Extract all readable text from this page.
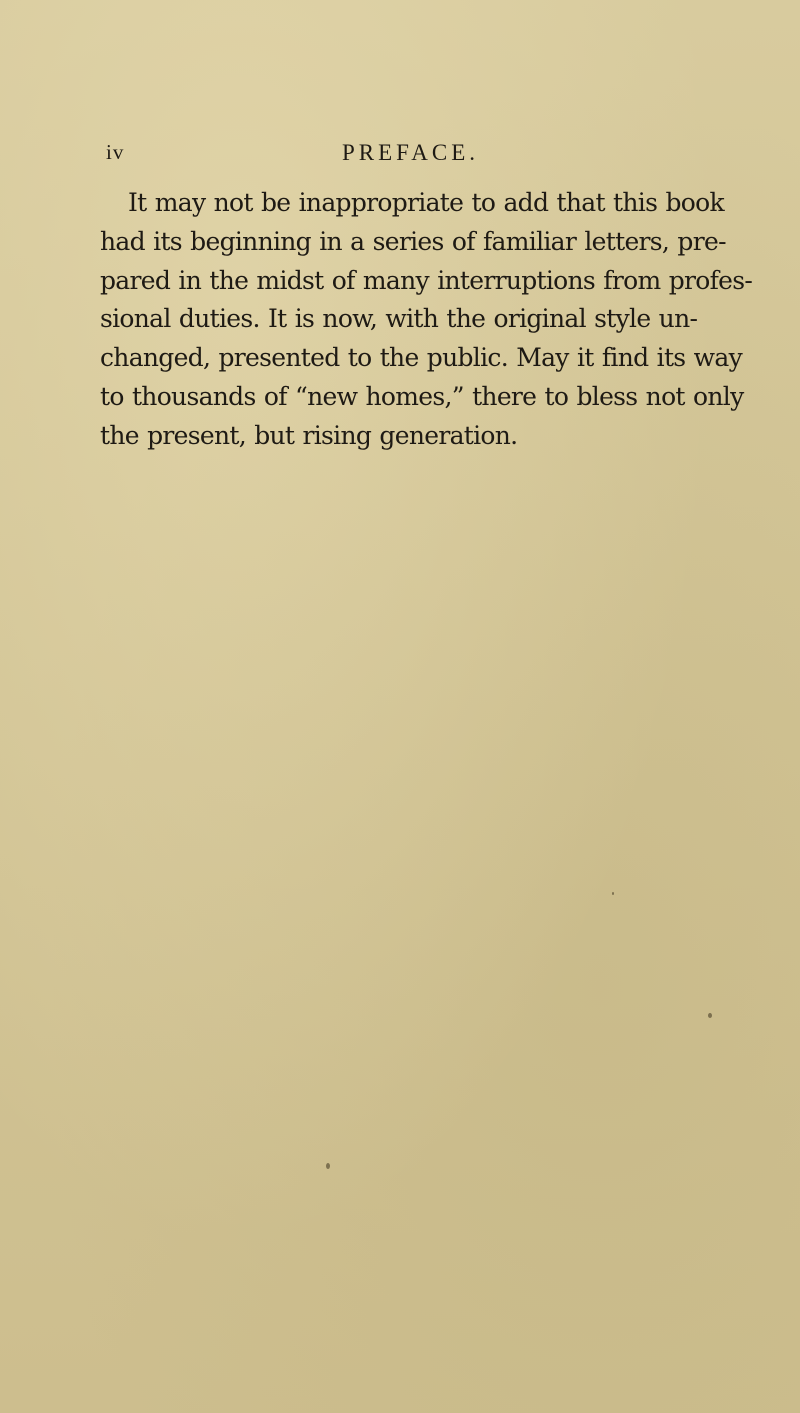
iv	PREFACE.
It may not be inappropriate to add that this book
had its beginning in a series of familiar letters, pre-
pared in the midst of many interruptions from profes-
sional duties. It is now, with the original style un-
changed, presented to the public. May it find its way
to thousands of “new homes,” there to bless not only
the present, but rising generation.
